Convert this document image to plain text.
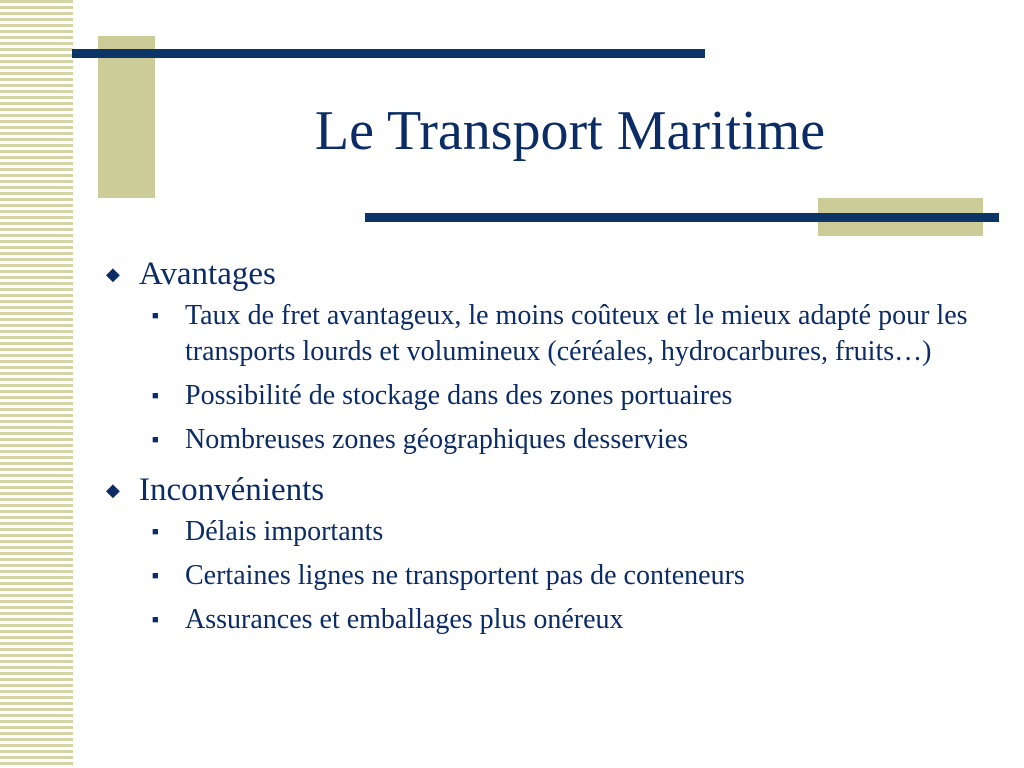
Le Transport Maritime
◆ Avantages
■ Taux de fret avantageux, le moins coûteux et le mieux adapté pour les transports lourds et volumineux (céréales, hydrocarbures, fruits…)
■ Possibilité de stockage dans des zones portuaires
■ Nombreuses zones géographiques desservies
◆ Inconvénients
■ Délais importants
■ Certaines lignes ne transportent pas de conteneurs
■ Assurances et emballages plus onéreux
